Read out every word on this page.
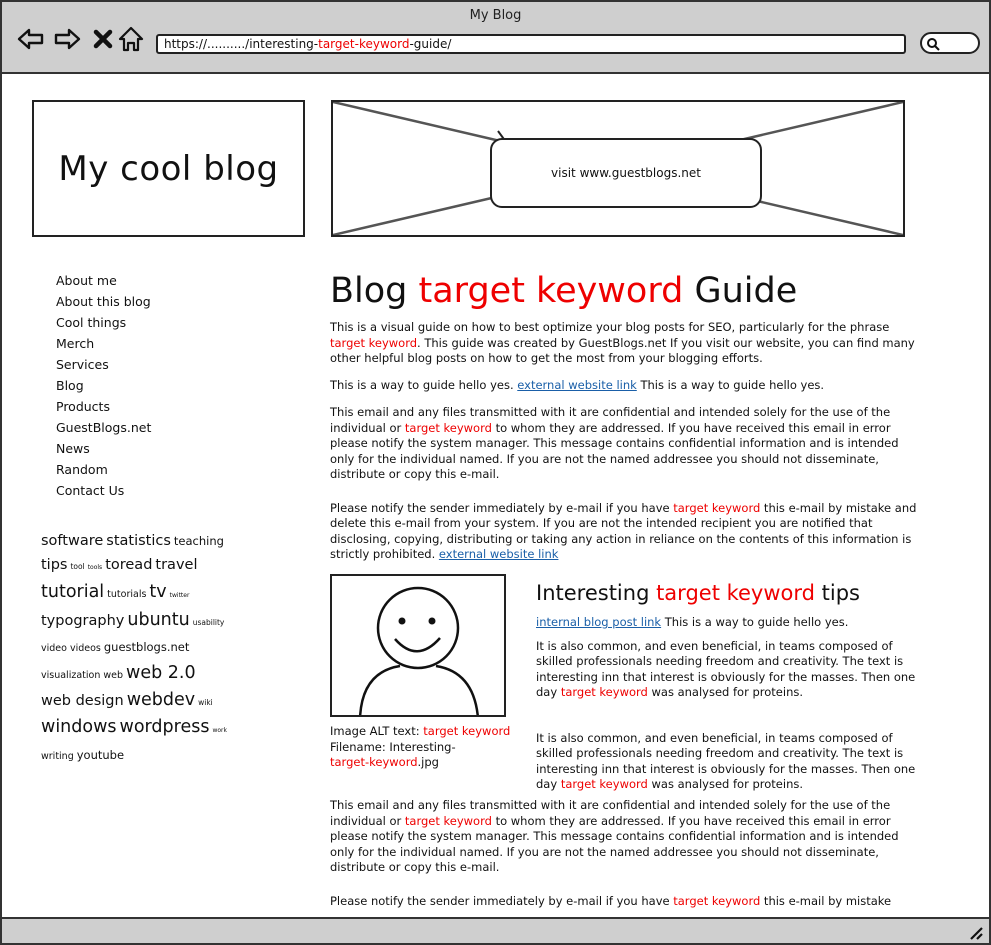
My Blog
https://........../interesting-target-keyword-guide/
My cool blog	visit www.guestblogs.net
About me
About this blog
Cool things
Merch
Services
Blog
Products
GuestBlogs.net
News
Random
Contact Us
software statistics teachingtips tool tools toread traveltutorial tutorials tv twittertypography ubuntu usabilityvideo videos guestblogs.netvisualization web web 2.0web design webdev wikiwindows wordpress workwriting youtube
Blog target keyword Guide

This is a visual guide on how to best optimize your blog posts for SEO, particularly for the phrase target keyword. This guide was created by GuestBlogs.net If you visit our website, you can find many other helpful blog posts on how to get the most from your blogging efforts.

This is a way to guide hello yes. external website link This is a way to guide hello yes.

This email and any files transmitted with it are confidential and intended solely for the use of the individual or target keyword to whom they are addressed. If you have received this email in error please notify the system manager. This message contains confidential information and is intended only for the individual named. If you are not the named addressee you should not disseminate, distribute or copy this e-mail.

Please notify the sender immediately by e-mail if you have target keyword this e-mail by mistake and delete this e-mail from your system. If you are not the intended recipient you are notified that disclosing, copying, distributing or taking any action in reliance on the contents of this information is strictly prohibited. external website link

Image ALT text: target keyword
Filename: Interesting-
target-keyword.jpg
Interesting target keyword tips

internal blog post link This is a way to guide hello yes.

It is also common, and even beneficial, in teams composed of skilled professionals needing freedom and creativity. The text is interesting inn that interest is obviously for the masses. Then one day target keyword was analysed for proteins.

It is also common, and even beneficial, in teams composed of skilled professionals needing freedom and creativity. The text is interesting inn that interest is obviously for the masses. Then one day target keyword was analysed for proteins.

This email and any files transmitted with it are confidential and intended solely for the use of the individual or target keyword to whom they are addressed. If you have received this email in error please notify the system manager. This message contains confidential information and is intended only for the individual named. If you are not the named addressee you should not disseminate, distribute or copy this e-mail.

Please notify the sender immediately by e-mail if you have target keyword this e-mail by mistake
